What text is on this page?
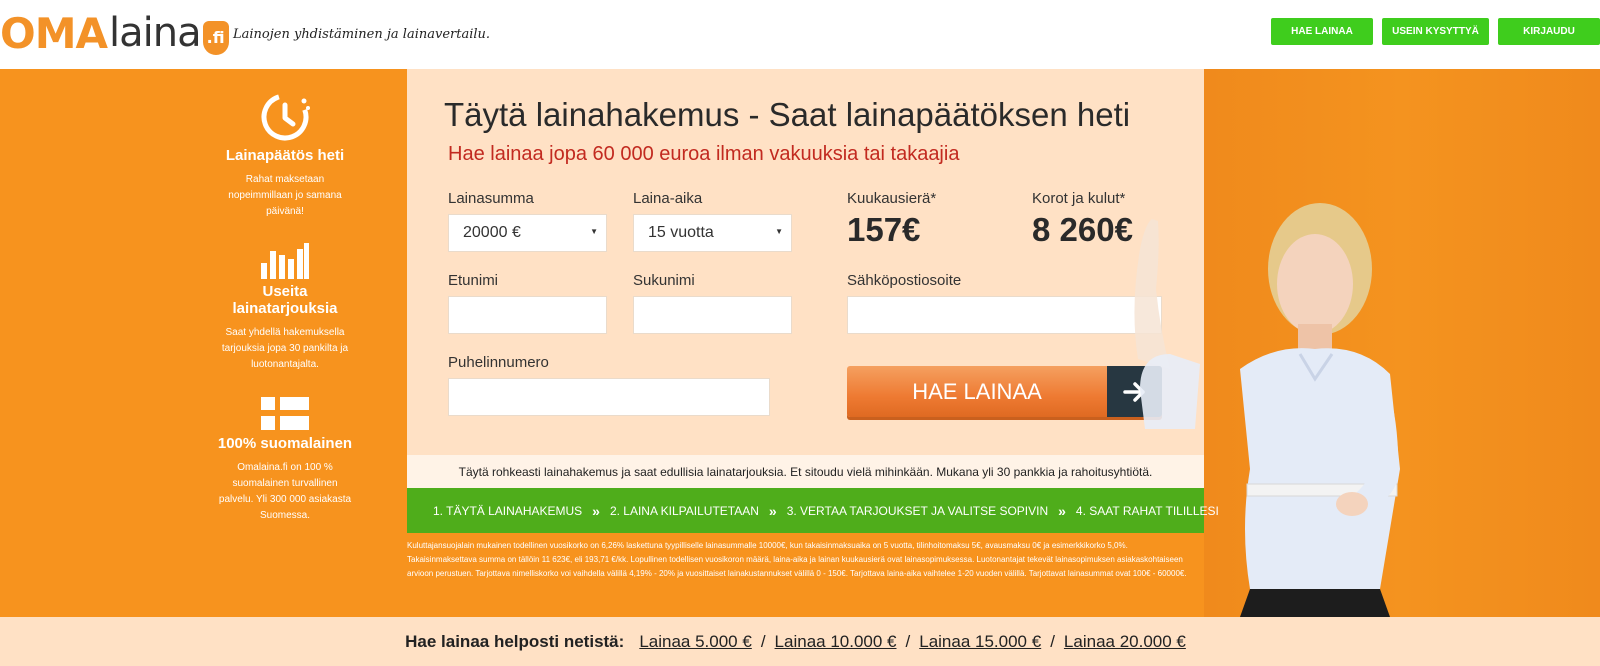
OMA laina .fi Lainojen yhdistäminen ja lainavertailu.	HAE LAINAA	USEIN KYSYTTYÄ	KIRJAUDU
Lainapäätös heti
Rahat maksetaan nopeimmillaan jo samana päivänä!
Useita lainatarjouksia
Saat yhdellä hakemuksella tarjouksia jopa 30 pankilta ja luotonantajalta.
100% suomalainen
Omalaina.fi on 100 % suomalainen turvallinen palvelu. Yli 300 000 asiakasta Suomessa.
Täytä lainahakemus - Saat lainapäätöksen heti
Hae lainaa jopa 60 000 euroa ilman vakuuksia tai takaajia
Lainasumma
20000 €	▼
Laina-aika
15 vuotta	▼
Kuukausierä*
157€
Korot ja kulut*
8 260€
Etunimi	Sukunimi	Sähköpostiosoite
Puhelinnumero
HAE LAINAA
Täytä rohkeasti lainahakemus ja saat edullisia lainatarjouksia. Et sitoudu vielä mihinkään. Mukana yli 30 pankkia ja rahoitusyhtiötä.
1. TÄYTÄ LAINAHAKEMUS » 2. LAINA KILPAILUTETAAN » 3. VERTAA TARJOUKSET JA VALITSE SOPIVIN » 4. SAAT RAHAT TILILLESI
Kuluttajansuojalain mukainen todellinen vuosikorko on 6,26% laskettuna tyypilliselle lainasummalle 10000€, kun takaisinmaksuaika on 5 vuotta, tilinhoitomaksu 5€, avausmaksu 0€ ja esimerkkikorko 5,0%. Takaisinmaksettava summa on tällöin 11 623€, eli 193,71 €/kk. Lopullinen todellisen vuosikoron määrä, laina-aika ja lainan kuukausierä ovat lainasopimuksessa. Luotonantajat tekevät lainasopimuksen asiakaskohtaiseen arvioon perustuen. Tarjottava nimelliskorko voi vaihdella välillä 4,19% - 20% ja vuosittaiset lainakustannukset välillä 0 - 150€. Tarjottava laina-aika vaihtelee 1-20 vuoden välillä. Tarjottavat lainasummat ovat 100€ - 60000€.
Hae lainaa helposti netistä: Lainaa 5.000 € / Lainaa 10.000 € / Lainaa 15.000 € / Lainaa 20.000 €
